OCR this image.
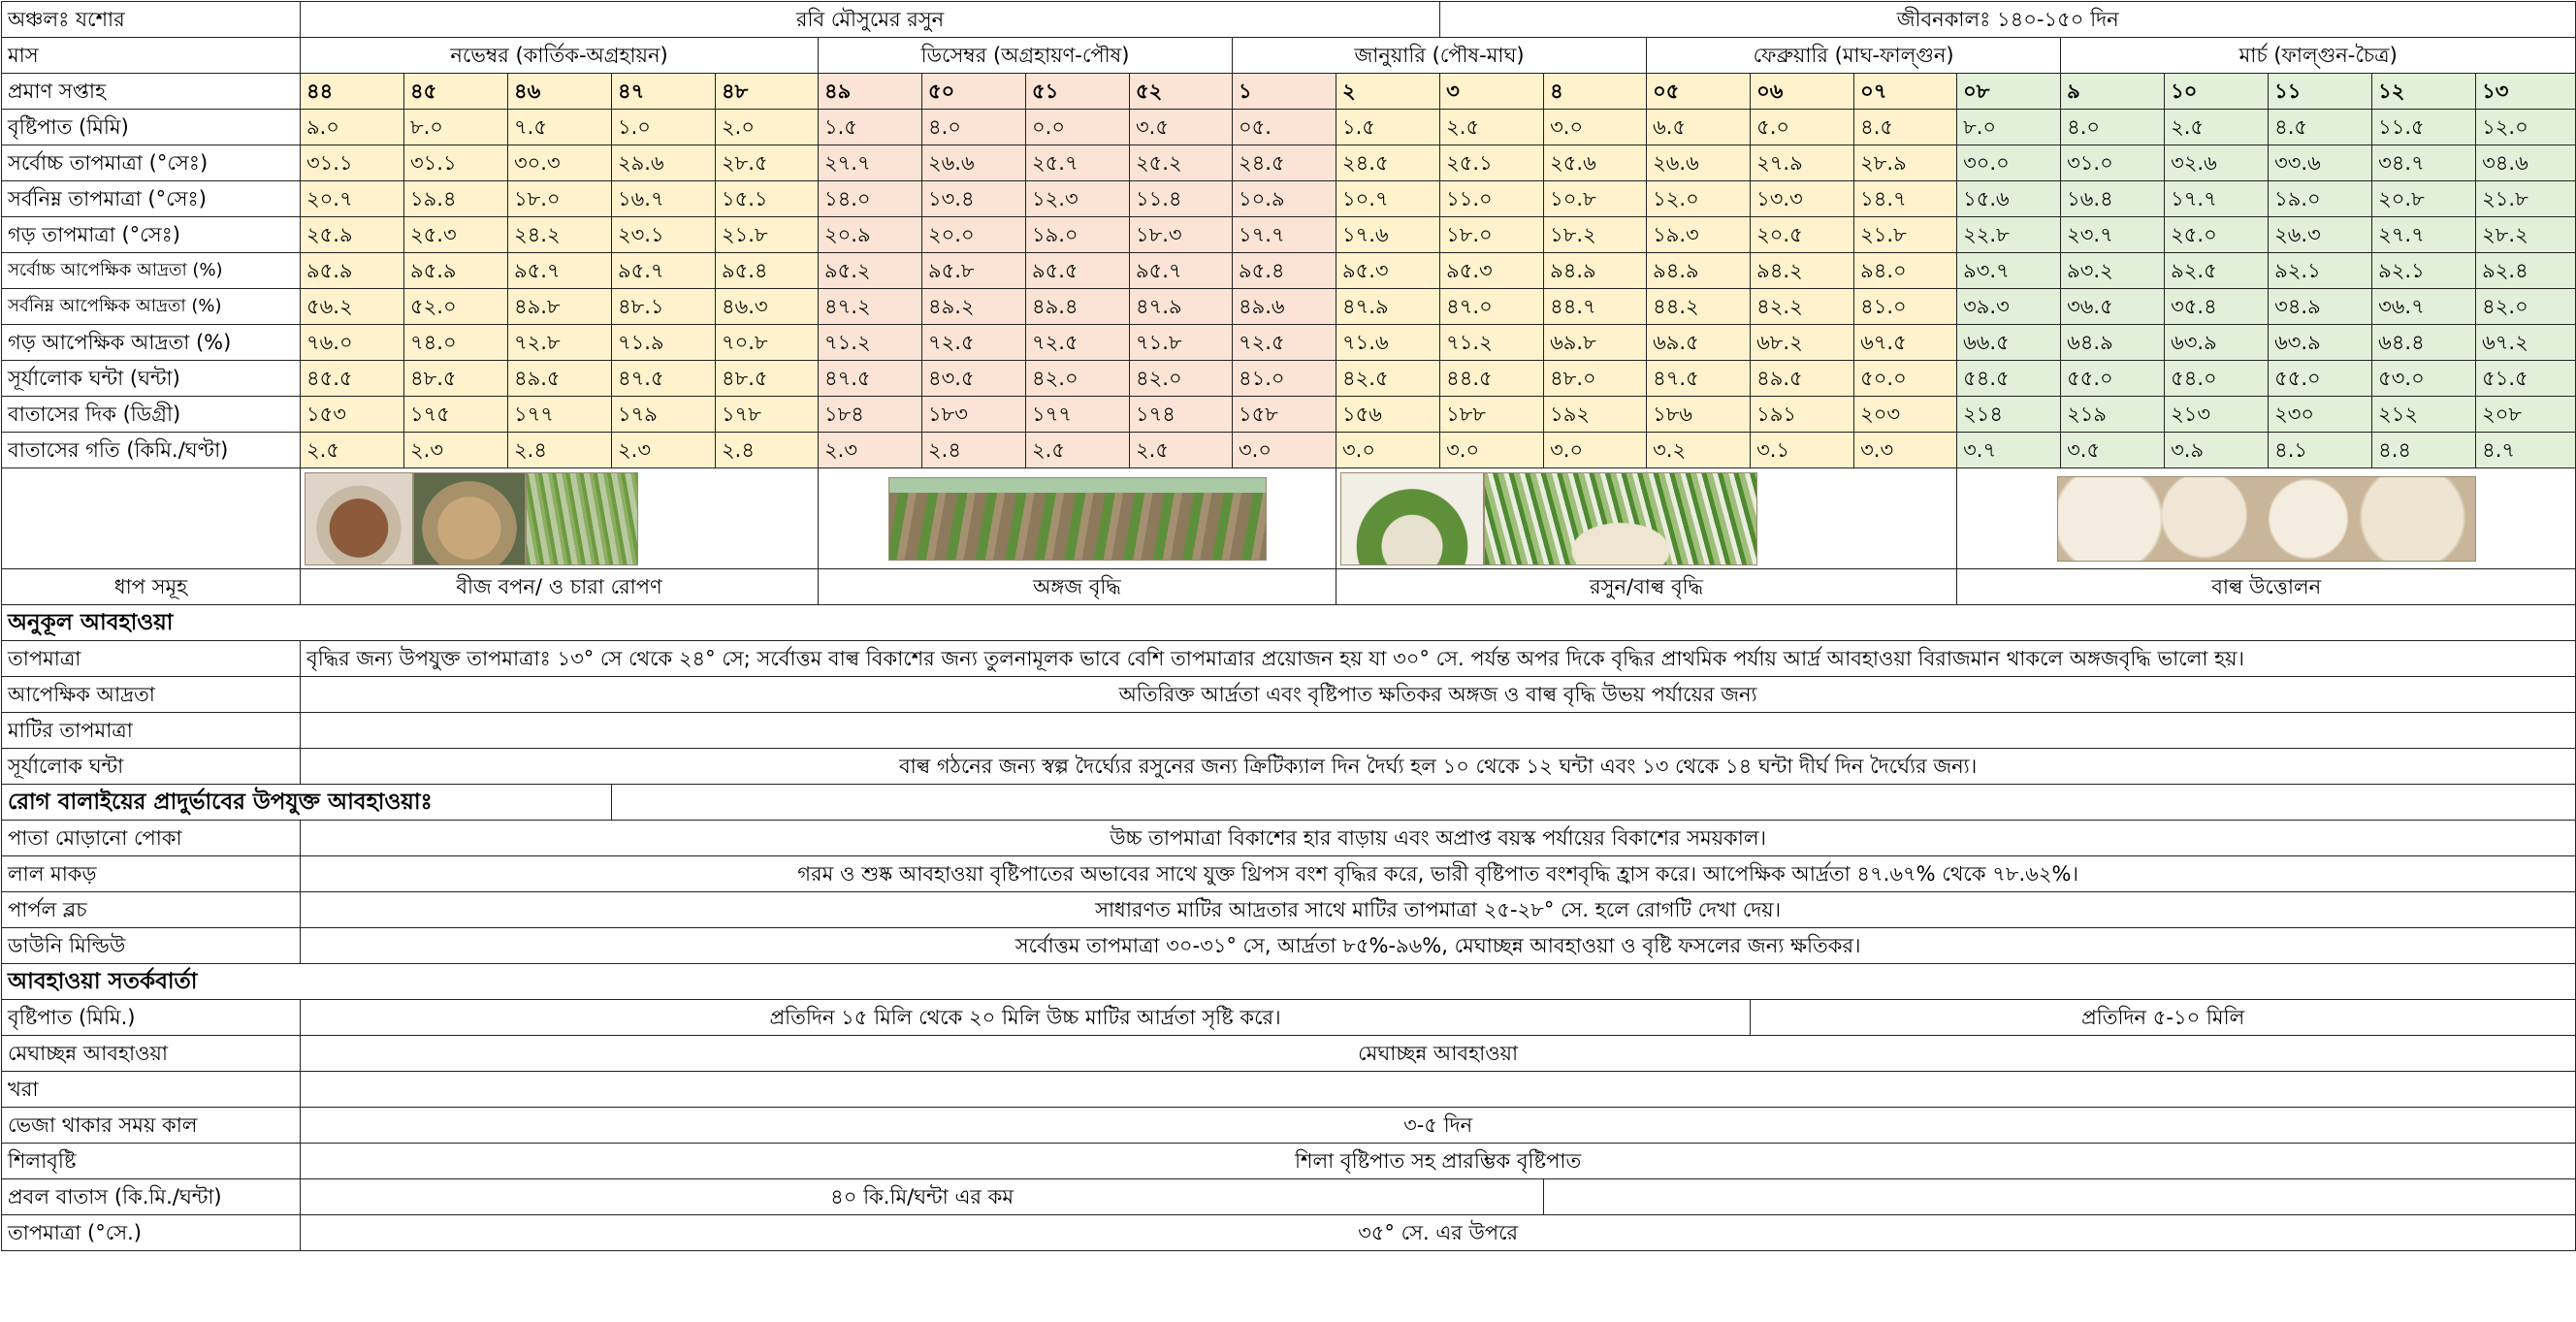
অঞ্চলঃ যশোর	রবি মৌসুমের রসুন											জীবনকালঃ ১৪০-১৫০ দিন										
মাস	নভেম্বর (কার্তিক-অগ্রহায়ন)					ডিসেম্বর (অগ্রহায়ণ-পৌষ)				জানুয়ারি (পৌষ-মাঘ)				ফেব্রুয়ারি (মাঘ-ফাল্গুন)				মার্চ (ফাল্গুন-চৈত্র)				
প্রমাণ সপ্তাহ	৪৪	৪৫	৪৬	৪৭	৪৮	৪৯	৫০	৫১	৫২	১	২	৩	৪	০৫	০৬	০৭	০৮	৯	১০	১১	১২	১৩
বৃষ্টিপাত (মিমি)	৯.০	৮.০	৭.৫	১.০	২.০	১.৫	৪.০	০.০	৩.৫	০৫.	১.৫	২.৫	৩.০	৬.৫	৫.০	৪.৫	৮.০	৪.০	২.৫	৪.৫	১১.৫	১২.০
সর্বোচ্চ তাপমাত্রা (°সেঃ)	৩১.১	৩১.১	৩০.৩	২৯.৬	২৮.৫	২৭.৭	২৬.৬	২৫.৭	২৫.২	২৪.৫	২৪.৫	২৫.১	২৫.৬	২৬.৬	২৭.৯	২৮.৯	৩০.০	৩১.০	৩২.৬	৩৩.৬	৩৪.৭	৩৪.৬
সর্বনিম্ন তাপমাত্রা (°সেঃ)	২০.৭	১৯.৪	১৮.০	১৬.৭	১৫.১	১৪.০	১৩.৪	১২.৩	১১.৪	১০.৯	১০.৭	১১.০	১০.৮	১২.০	১৩.৩	১৪.৭	১৫.৬	১৬.৪	১৭.৭	১৯.০	২০.৮	২১.৮
গড় তাপমাত্রা (°সেঃ)	২৫.৯	২৫.৩	২৪.২	২৩.১	২১.৮	২০.৯	২০.০	১৯.০	১৮.৩	১৭.৭	১৭.৬	১৮.০	১৮.২	১৯.৩	২০.৫	২১.৮	২২.৮	২৩.৭	২৫.০	২৬.৩	২৭.৭	২৮.২
সর্বোচ্চ আপেক্ষিক আদ্রতা (%)	৯৫.৯	৯৫.৯	৯৫.৭	৯৫.৭	৯৫.৪	৯৫.২	৯৫.৮	৯৫.৫	৯৫.৭	৯৫.৪	৯৫.৩	৯৫.৩	৯৪.৯	৯৪.৯	৯৪.২	৯৪.০	৯৩.৭	৯৩.২	৯২.৫	৯২.১	৯২.১	৯২.৪
সর্বনিম্ন আপেক্ষিক আদ্রতা (%)	৫৬.২	৫২.০	৪৯.৮	৪৮.১	৪৬.৩	৪৭.২	৪৯.২	৪৯.৪	৪৭.৯	৪৯.৬	৪৭.৯	৪৭.০	৪৪.৭	৪৪.২	৪২.২	৪১.০	৩৯.৩	৩৬.৫	৩৫.৪	৩৪.৯	৩৬.৭	৪২.০
গড় আপেক্ষিক আদ্রতা (%)	৭৬.০	৭৪.০	৭২.৮	৭১.৯	৭০.৮	৭১.২	৭২.৫	৭২.৫	৭১.৮	৭২.৫	৭১.৬	৭১.২	৬৯.৮	৬৯.৫	৬৮.২	৬৭.৫	৬৬.৫	৬৪.৯	৬৩.৯	৬৩.৯	৬৪.৪	৬৭.২
সূর্যালোক ঘন্টা (ঘন্টা)	৪৫.৫	৪৮.৫	৪৯.৫	৪৭.৫	৪৮.৫	৪৭.৫	৪৩.৫	৪২.০	৪২.০	৪১.০	৪২.৫	৪৪.৫	৪৮.০	৪৭.৫	৪৯.৫	৫০.০	৫৪.৫	৫৫.০	৫৪.০	৫৫.০	৫৩.০	৫১.৫
বাতাসের দিক (ডিগ্রী)	১৫৩	১৭৫	১৭৭	১৭৯	১৭৮	১৮৪	১৮৩	১৭৭	১৭৪	১৫৮	১৫৬	১৮৮	১৯২	১৮৬	১৯১	২০৩	২১৪	২১৯	২১৩	২৩০	২১২	২০৮
বাতাসের গতি (কিমি./ঘণ্টা)	২.৫	২.৩	২.৪	২.৩	২.৪	২.৩	২.৪	২.৫	২.৫	৩.০	৩.০	৩.০	৩.০	৩.২	৩.১	৩.৩	৩.৭	৩.৫	৩.৯	৪.১	৪.৪	৪.৭

ধাপ সমূহ	বীজ বপন/ ও চারা রোপণ					অঙ্গজ বৃদ্ধি					রসুন/বাল্ব বৃদ্ধি						বাল্ব উত্তোলন					
অনুকূল আবহাওয়া																						
তাপমাত্রা	বৃদ্ধির জন্য উপযুক্ত তাপমাত্রাঃ ১৩° সে থেকে ২৪° সে; সর্বোত্তম বাল্ব বিকাশের জন্য তুলনামূলক ভাবে বেশি তাপমাত্রার প্রয়োজন হয় যা ৩০° সে. পর্যন্ত অপর দিকে বৃদ্ধির প্রাথমিক পর্যায় আর্দ্র আবহাওয়া বিরাজমান থাকলে অঙ্গজবৃদ্ধি ভালো হয়।																					
আপেক্ষিক আদ্রতা	অতিরিক্ত আর্দ্রতা এবং বৃষ্টিপাত ক্ষতিকর অঙ্গজ ও বাল্ব বৃদ্ধি উভয় পর্যায়ের জন্য																					
মাটির তাপমাত্রা																						
সূর্যালোক ঘন্টা	বাল্ব গঠনের জন্য স্বল্প দৈর্ঘ্যের রসুনের জন্য ক্রিটিক্যাল দিন দৈর্ঘ্য হল ১০ থেকে ১২ ঘন্টা এবং ১৩ থেকে ১৪ ঘন্টা দীর্ঘ দিন দৈর্ঘ্যের জন্য।																					
রোগ বালাইয়ের প্রাদুর্ভাবের উপযুক্ত আবহাওয়াঃ																						
পাতা মোড়ানো পোকা	উচ্চ তাপমাত্রা বিকাশের হার বাড়ায় এবং অপ্রাপ্ত বয়স্ক পর্যায়ের বিকাশের সময়কাল।																					
লাল মাকড়	গরম ও শুষ্ক আবহাওয়া বৃষ্টিপাতের অভাবের সাথে যুক্ত থ্রিপস বংশ বৃদ্ধির করে, ভারী বৃষ্টিপাত বংশবৃদ্ধি হ্রাস করে। আপেক্ষিক আর্দ্রতা ৪৭.৬৭% থেকে ৭৮.৬২%।																					
পার্পল ব্লচ	সাধারণত মাটির আদ্রতার সাথে মাটির তাপমাত্রা ২৫-২৮° সে. হলে রোগটি দেখা দেয়।																					
ডাউনি মিল্ডিউ	সর্বোত্তম তাপমাত্রা ৩০-৩১° সে, আর্দ্রতা ৮৫%-৯৬%, মেঘাচ্ছন্ন আবহাওয়া ও বৃষ্টি ফসলের জন্য ক্ষতিকর।																					
আবহাওয়া সতর্কবার্তা																						
বৃষ্টিপাত (মিমি.)	প্রতিদিন ১৫ মিলি থেকে ২০ মিলি উচ্চ মাটির আর্দ্রতা সৃষ্টি করে।														প্রতিদিন ৫-১০ মিলি							
মেঘাচ্ছন্ন আবহাওয়া	মেঘাচ্ছন্ন আবহাওয়া																					
খরা																						
ভেজা থাকার সময় কাল	৩-৫ দিন																					
শিলাবৃষ্টি	শিলা বৃষ্টিপাত সহ প্রারম্ভিক বৃষ্টিপাত																					
প্রবল বাতাস (কি.মি./ঘন্টা)	৪০ কি.মি/ঘন্টা এর কম																					
তাপমাত্রা (°সে.)	৩৫° সে. এর উপরে																					
